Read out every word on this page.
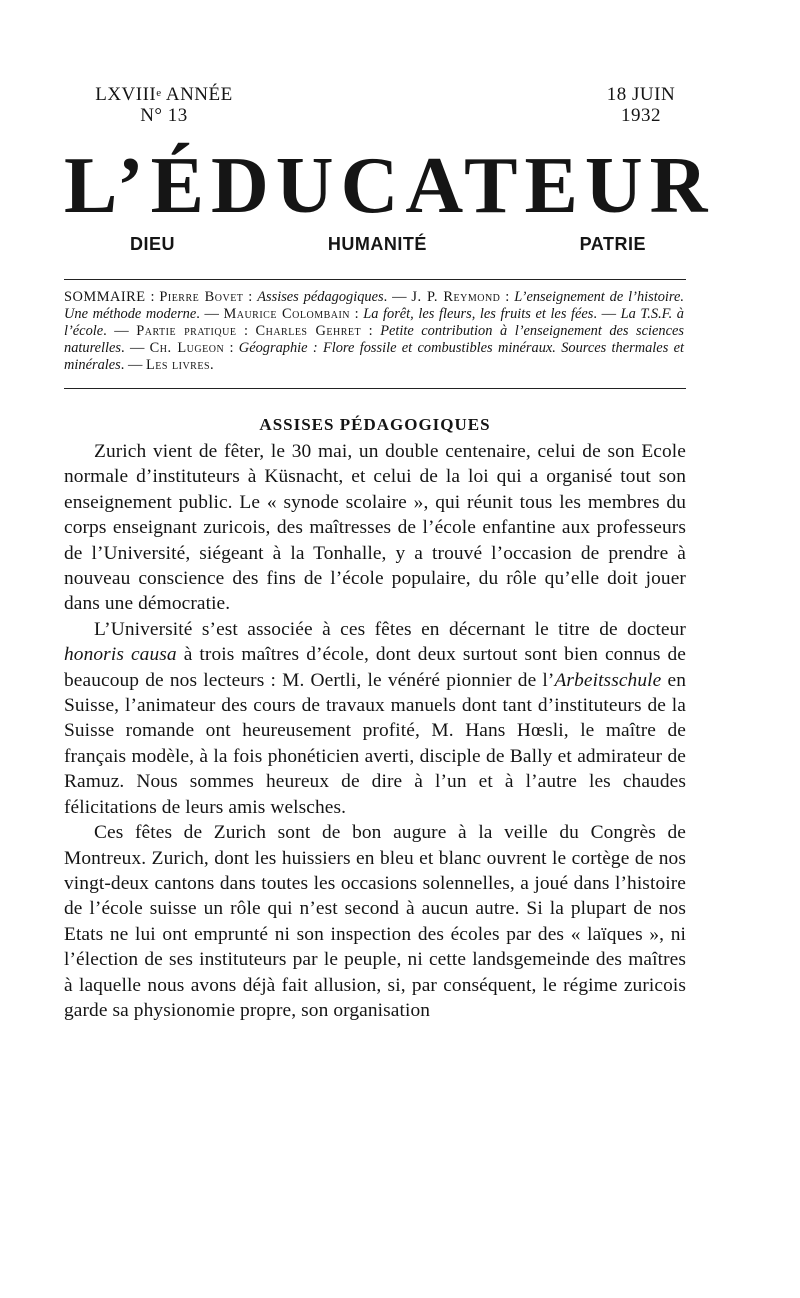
LXVIIIe ANNÉE
N° 13
18 JUIN
1932
L’ÉDUCATEUR
DIEU	HUMANITÉ	PATRIE
SOMMAIRE : Pierre Bovet : Assises pédagogiques. — J. P. Reymond : L’enseignement de l’histoire. Une méthode moderne. — Maurice Colombain : La forêt, les fleurs, les fruits et les fées. — La T.S.F. à l’école. — Partie pratique : Charles Gehret : Petite contribution à l’enseignement des sciences naturelles. — Ch. Lugeon : Géographie : Flore fossile et combustibles minéraux. Sources thermales et minérales. — Les livres.
ASSISES PÉDAGOGIQUES

Zurich vient de fêter, le 30 mai, un double centenaire, celui de son Ecole normale d’instituteurs à Küsnacht, et celui de la loi qui a organisé tout son enseignement public. Le « synode scolaire », qui réunit tous les membres du corps enseignant zuricois, des maîtresses de l’école enfantine aux professeurs de l’Université, siégeant à la Tonhalle, y a trouvé l’occasion de prendre à nouveau conscience des fins de l’école populaire, du rôle qu’elle doit jouer dans une démocratie.

L’Université s’est associée à ces fêtes en décernant le titre de docteur honoris causa à trois maîtres d’école, dont deux surtout sont bien connus de beaucoup de nos lecteurs : M. Oertli, le vénéré pionnier de l’Arbeitsschule en Suisse, l’animateur des cours de travaux manuels dont tant d’instituteurs de la Suisse romande ont heureusement profité, M. Hans Hœsli, le maître de français modèle, à la fois phonéticien averti, disciple de Bally et admirateur de Ramuz. Nous sommes heureux de dire à l’un et à l’autre les chaudes félicitations de leurs amis welsches.

Ces fêtes de Zurich sont de bon augure à la veille du Congrès de Montreux. Zurich, dont les huissiers en bleu et blanc ouvrent le cortège de nos vingt-deux cantons dans toutes les occasions solennelles, a joué dans l’histoire de l’école suisse un rôle qui n’est second à aucun autre. Si la plupart de nos Etats ne lui ont emprunté ni son inspection des écoles par des « laïques », ni l’élection de ses instituteurs par le peuple, ni cette landsgemeinde des maîtres à laquelle nous avons déjà fait allusion, si, par conséquent, le régime zuricois garde sa physionomie propre, son organisation
